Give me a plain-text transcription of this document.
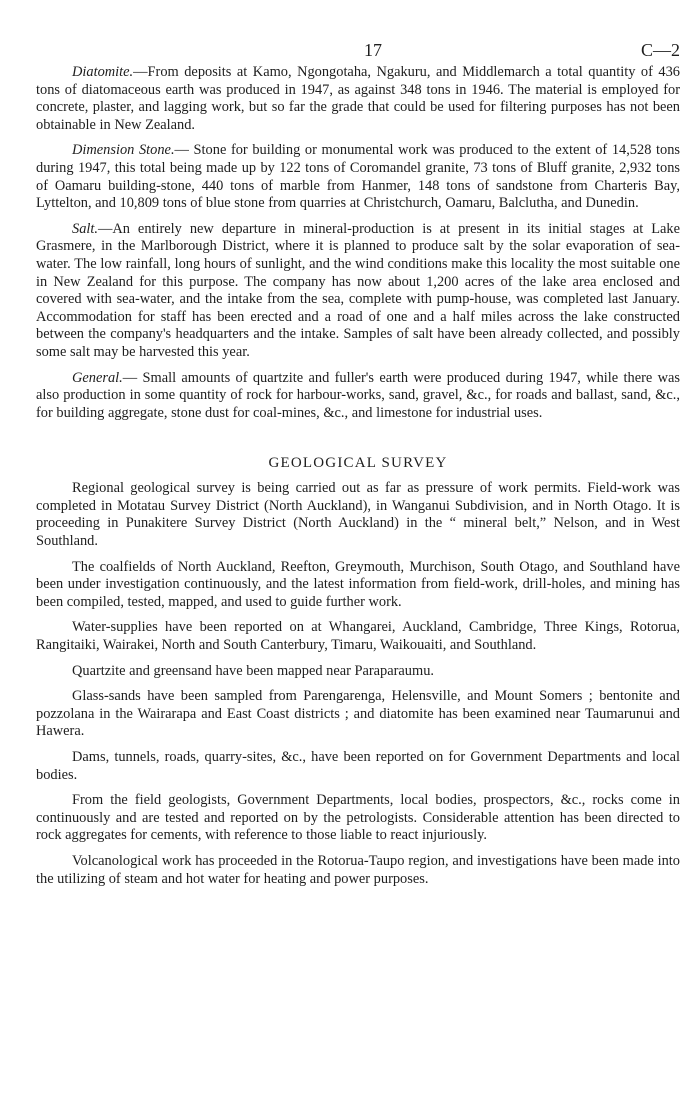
17	C—2

Diatomite.—From deposits at Kamo, Ngongotaha, Ngakuru, and Middlemarch a total quantity of 436 tons of diatomaceous earth was produced in 1947, as against 348 tons in 1946. The material is employed for concrete, plaster, and lagging work, but so far the grade that could be used for filtering purposes has not been obtainable in New Zealand.

Dimension Stone.— Stone for building or monumental work was produced to the extent of 14,528 tons during 1947, this total being made up by 122 tons of Coromandel granite, 73 tons of Bluff granite, 2,932 tons of Oamaru building-stone, 440 tons of marble from Hanmer, 148 tons of sandstone from Charteris Bay, Lyttelton, and 10,809 tons of blue stone from quarries at Christchurch, Oamaru, Balclutha, and Dunedin.

Salt.—An entirely new departure in mineral-production is at present in its initial stages at Lake Grasmere, in the Marlborough District, where it is planned to produce salt by the solar evaporation of sea-water. The low rainfall, long hours of sunlight, and the wind conditions make this locality the most suitable one in New Zealand for this purpose. The company has now about 1,200 acres of the lake area enclosed and covered with sea-water, and the intake from the sea, complete with pump-house, was completed last January. Accommodation for staff has been erected and a road of one and a half miles across the lake constructed between the company's headquarters and the intake. Samples of salt have been already collected, and possibly some salt may be harvested this year.

General.— Small amounts of quartzite and fuller's earth were produced during 1947, while there was also production in some quantity of rock for harbour-works, sand, gravel, &c., for roads and ballast, sand, &c., for building aggregate, stone dust for coal-mines, &c., and limestone for industrial uses.

GEOLOGICAL SURVEY

Regional geological survey is being carried out as far as pressure of work permits. Field-work was completed in Motatau Survey District (North Auckland), in Wanganui Subdivision, and in North Otago. It is proceeding in Punakitere Survey District (North Auckland) in the “ mineral belt,” Nelson, and in West Southland.

The coalfields of North Auckland, Reefton, Greymouth, Murchison, South Otago, and Southland have been under investigation continuously, and the latest information from field-work, drill-holes, and mining has been compiled, tested, mapped, and used to guide further work.

Water-supplies have been reported on at Whangarei, Auckland, Cambridge, Three Kings, Rotorua, Rangitaiki, Wairakei, North and South Canterbury, Timaru, Waikouaiti, and Southland.

Quartzite and greensand have been mapped near Paraparaumu.

Glass-sands have been sampled from Parengarenga, Helensville, and Mount Somers ; bentonite and pozzolana in the Wairarapa and East Coast districts ; and diatomite has been examined near Taumarunui and Hawera.

Dams, tunnels, roads, quarry-sites, &c., have been reported on for Government Departments and local bodies.

From the field geologists, Government Departments, local bodies, prospectors, &c., rocks come in continuously and are tested and reported on by the petrologists. Considerable attention has been directed to rock aggregates for cements, with reference to those liable to react injuriously.

Volcanological work has proceeded in the Rotorua-Taupo region, and investigations have been made into the utilizing of steam and hot water for heating and power purposes.
